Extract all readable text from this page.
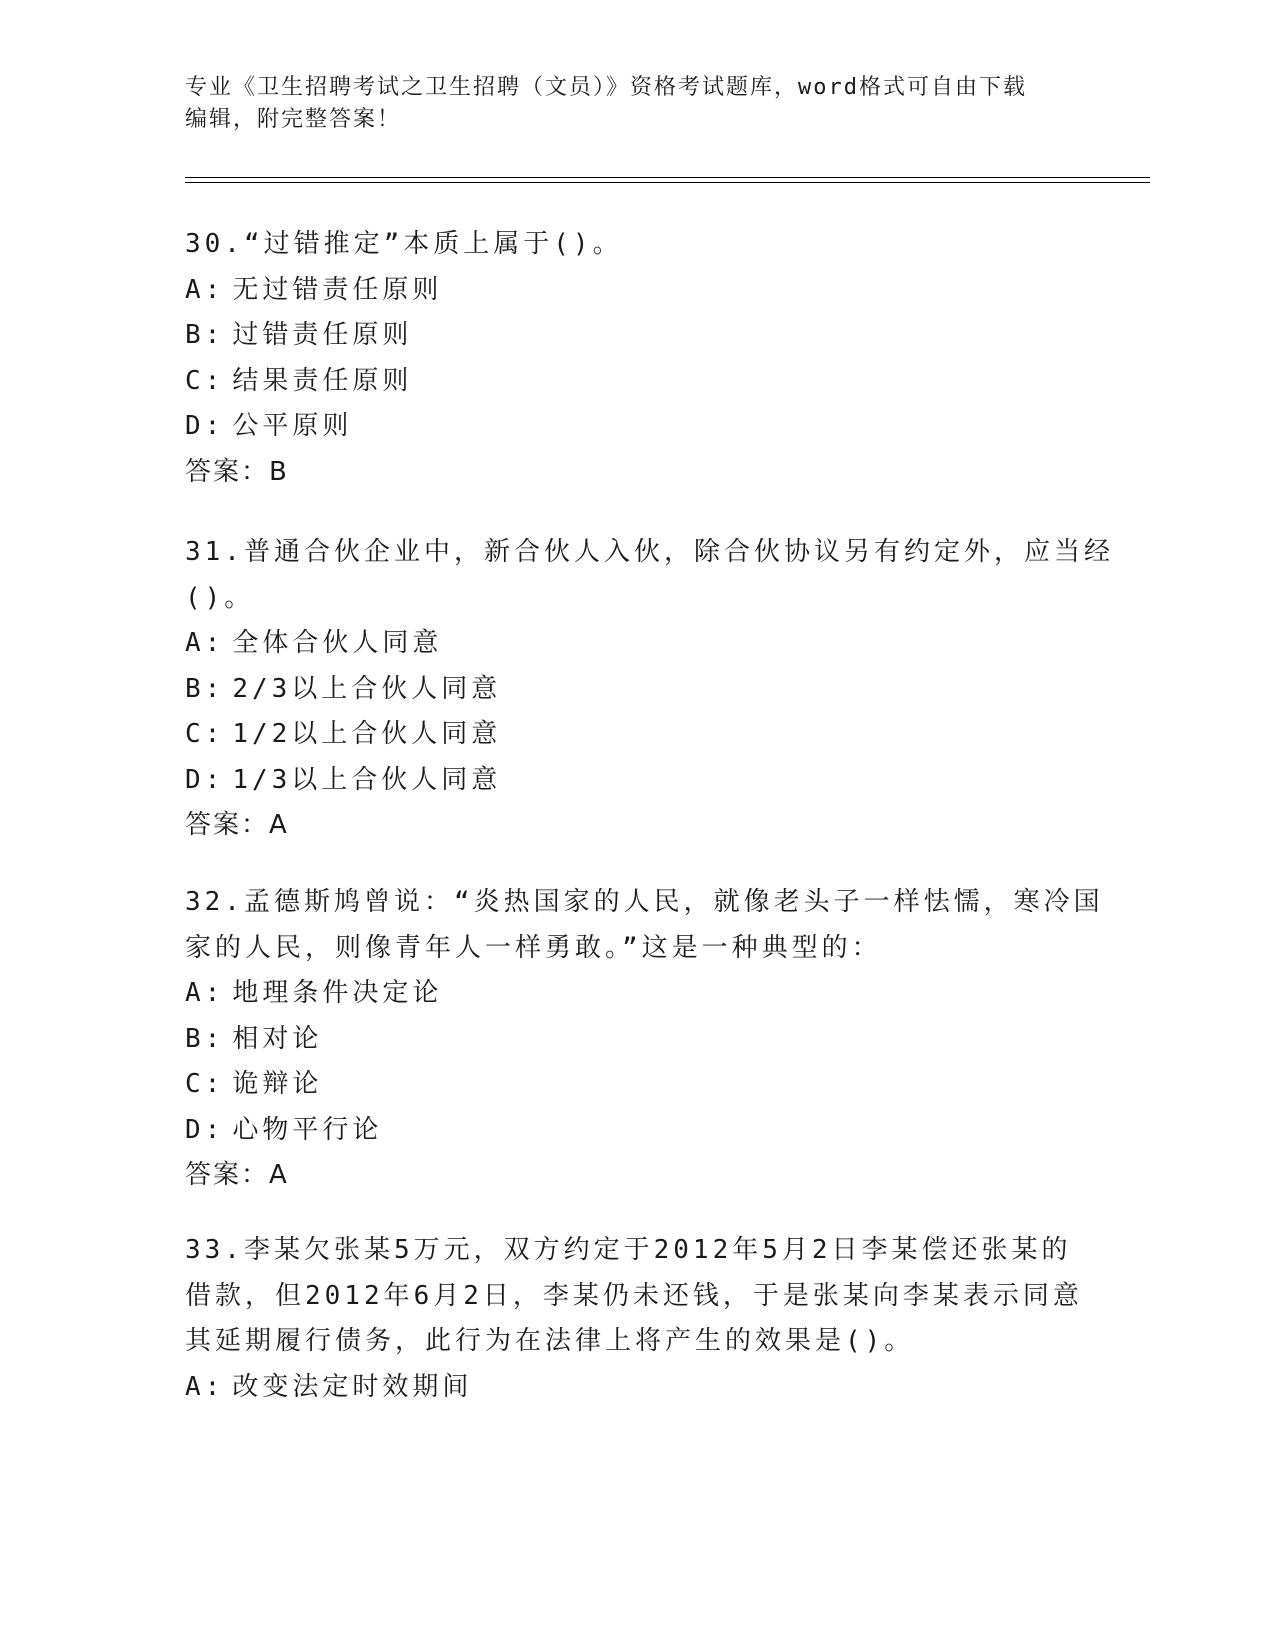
专业《卫生招聘考试之卫生招聘（文员）》资格考试题库，word格式可自由下载
编辑，附完整答案！
30.“过错推定”本质上属于()。
A: 无过错责任原则
B: 过错责任原则
C: 结果责任原则
D: 公平原则
答案：B
31.普通合伙企业中，新合伙人入伙，除合伙协议另有约定外，应当经
()。
A: 全体合伙人同意
B: 2/3以上合伙人同意
C: 1/2以上合伙人同意
D: 1/3以上合伙人同意
答案：A
32.孟德斯鸠曾说：“炎热国家的人民，就像老头子一样怯懦，寒冷国
家的人民，则像青年人一样勇敢。”这是一种典型的：
A: 地理条件决定论
B: 相对论
C: 诡辩论
D: 心物平行论
答案：A
33.李某欠张某5万元，双方约定于2012年5月2日李某偿还张某的
借款，但2012年6月2日，李某仍未还钱，于是张某向李某表示同意
其延期履行债务，此行为在法律上将产生的效果是()。
A: 改变法定时效期间
